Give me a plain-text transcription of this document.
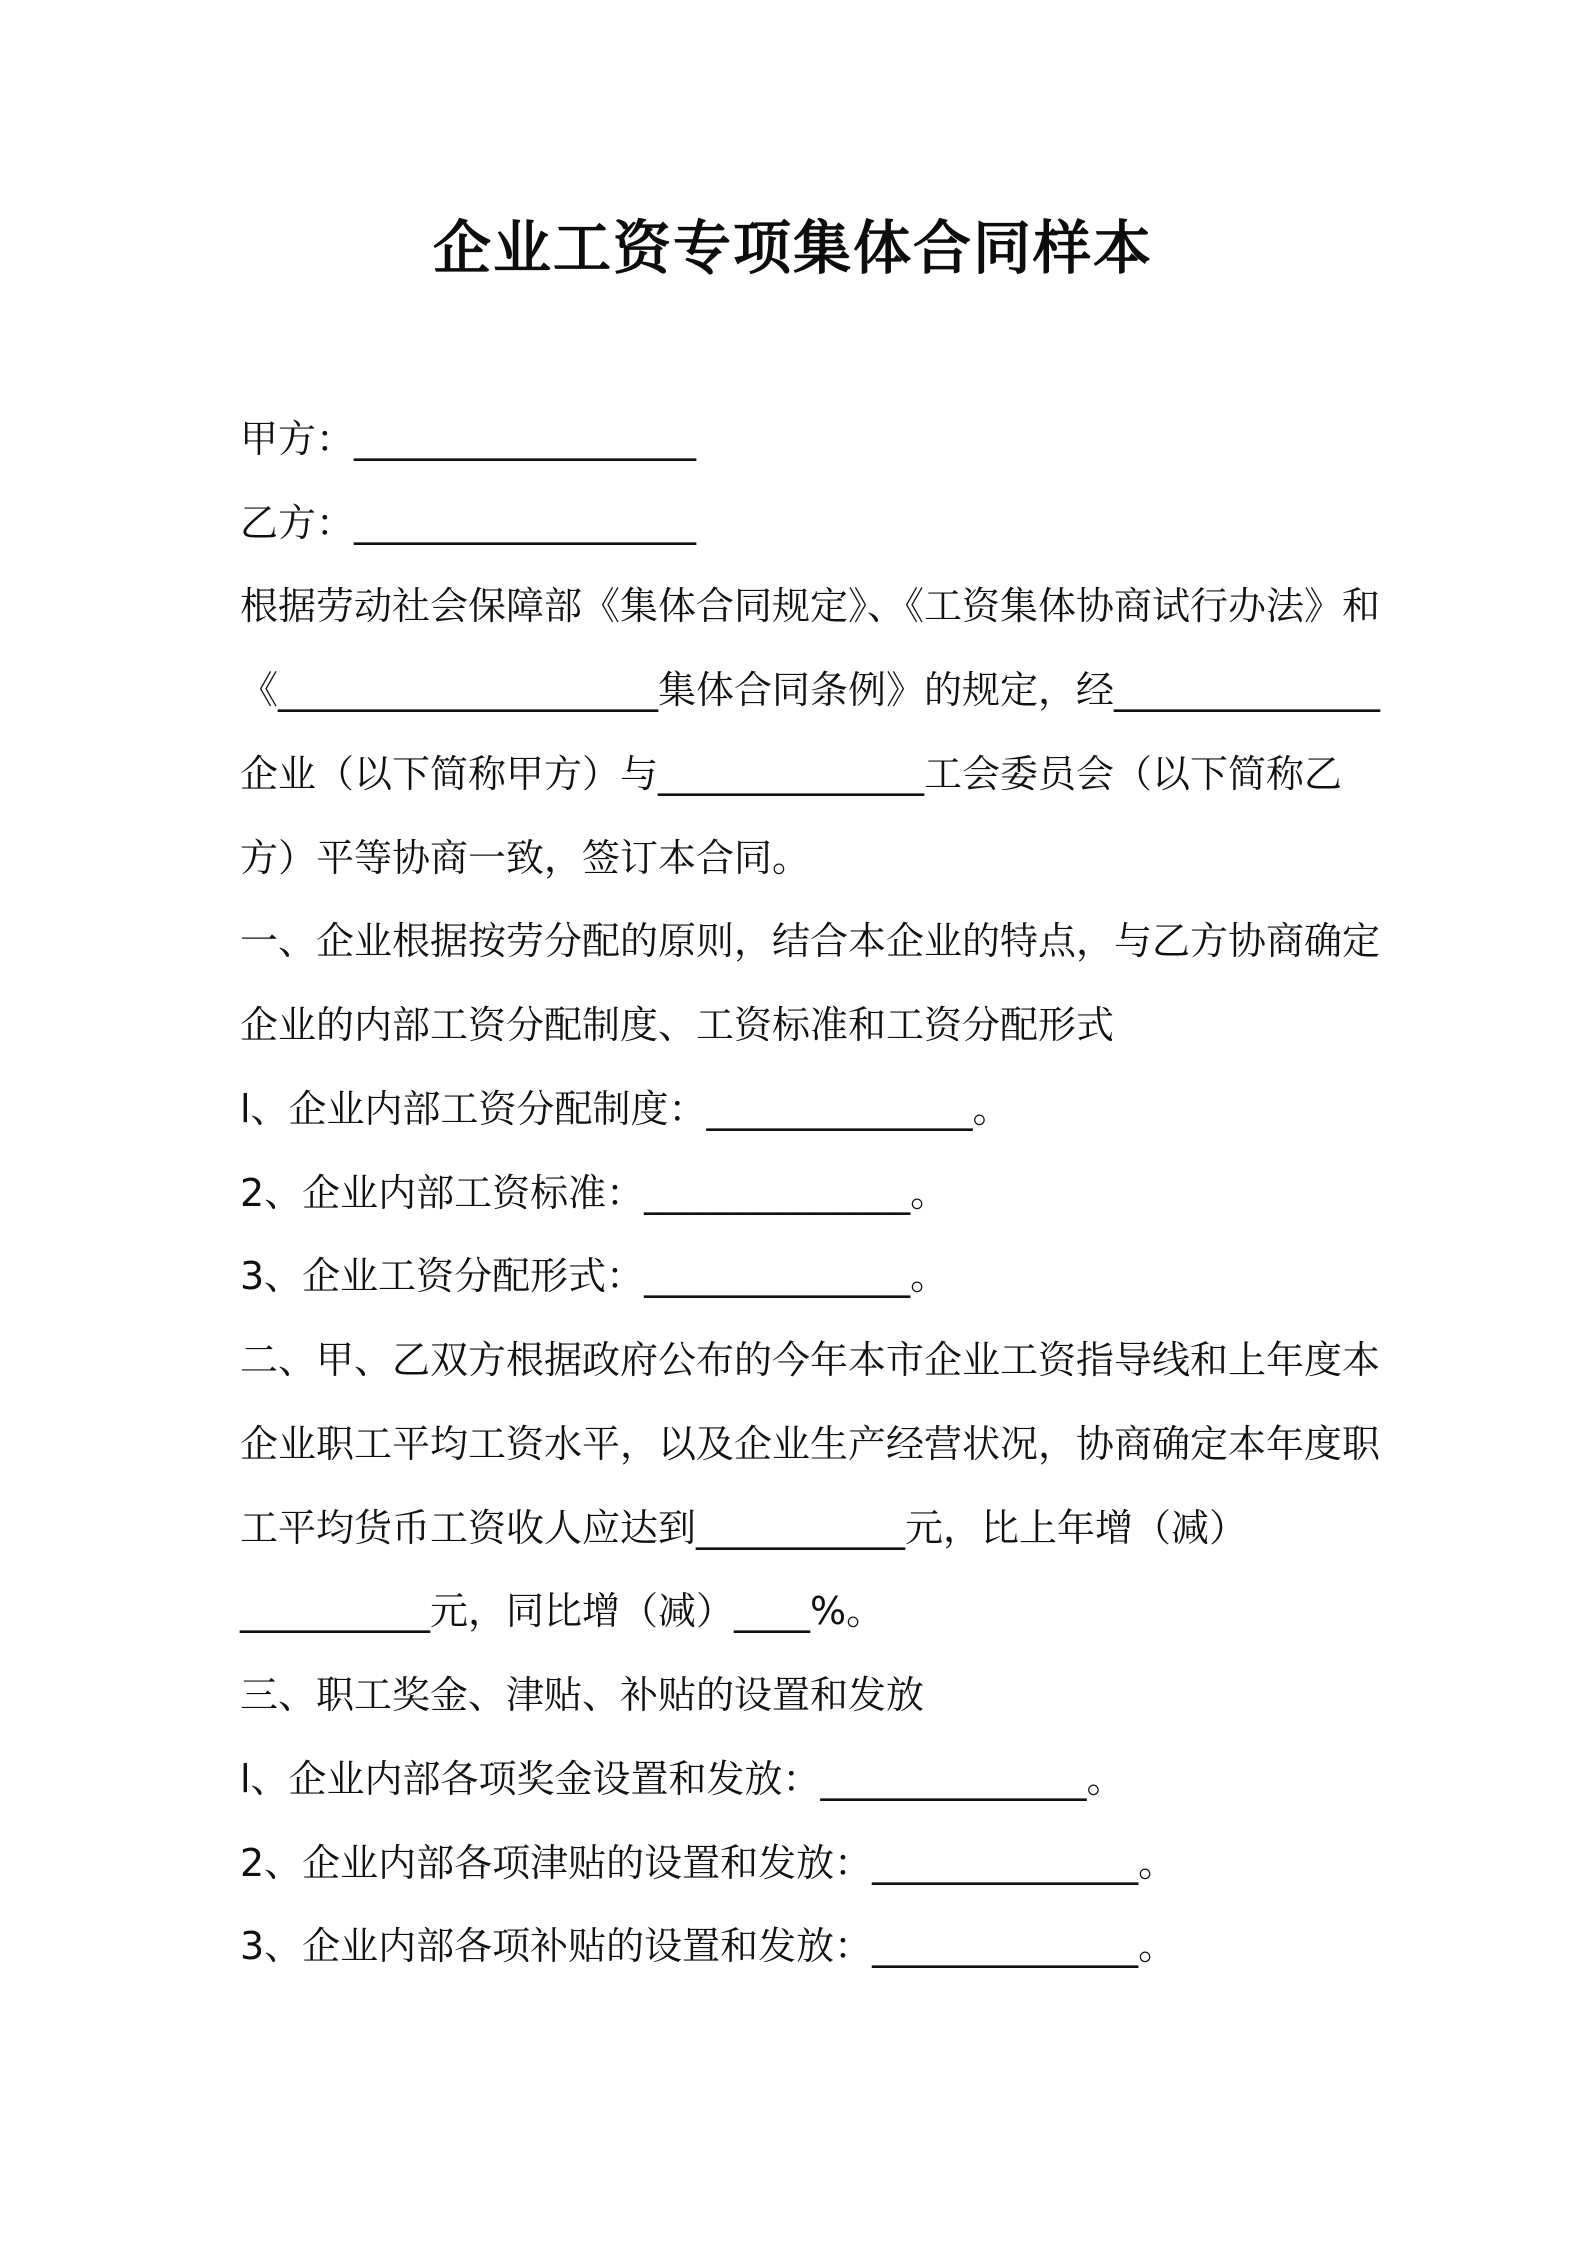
企业工资专项集体合同样本
甲方：__________________
乙方：__________________
根据劳动社会保障部《集体合同规定》、《工资集体协商试行办法》和
《____________________集体合同条例》的规定，经______________
企业（以下简称甲方）与______________工会委员会（以下简称乙
方）平等协商一致，签订本合同。
一、企业根据按劳分配的原则，结合本企业的特点，与乙方协商确定
企业的内部工资分配制度、工资标准和工资分配形式
l、企业内部工资分配制度：______________。
2、企业内部工资标准：______________。
3、企业工资分配形式：______________。
二、甲、乙双方根据政府公布的今年本市企业工资指导线和上年度本
企业职工平均工资水平，以及企业生产经营状况，协商确定本年度职
工平均货币工资收人应达到___________元，比上年增（减）
__________元，同比增（减）____%。
三、职工奖金、津贴、补贴的设置和发放
l、企业内部各项奖金设置和发放：______________。
2、企业内部各项津贴的设置和发放：______________。
3、企业内部各项补贴的设置和发放：______________。
